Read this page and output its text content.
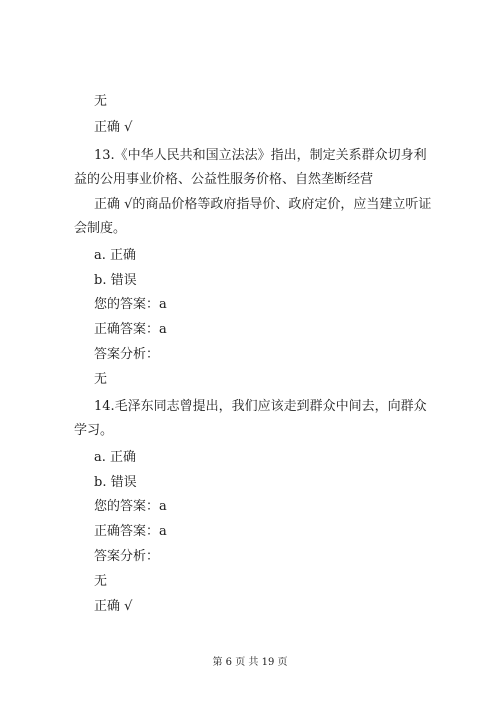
无
正确 √
13.《中华人民共和国立法法》指出，制定关系群众切身利
益的公用事业价格、公益性服务价格、自然垄断经营
正确 √的商品价格等政府指导价、政府定价，应当建立听证
会制度。
a. 正确
b. 错误
您的答案：a
正确答案：a
答案分析：
无
14.毛泽东同志曾提出，我们应该走到群众中间去，向群众
学习。
a. 正确
b. 错误
您的答案：a
正确答案：a
答案分析：
无
正确 √
第 6 页 共 19 页
